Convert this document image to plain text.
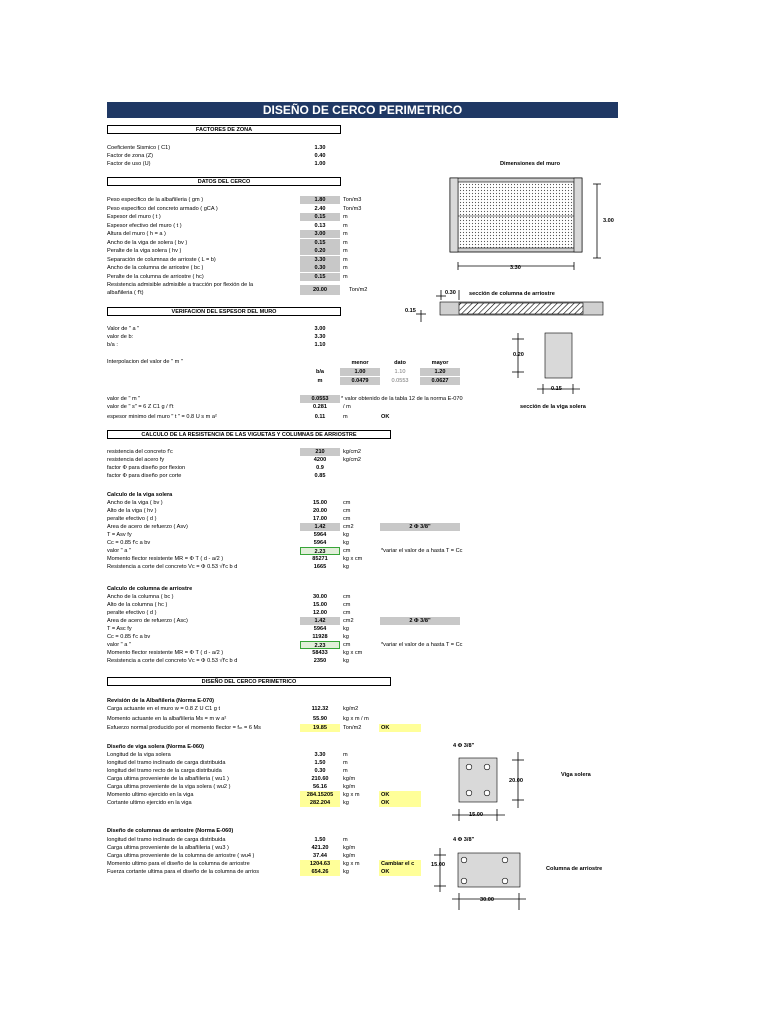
DISEÑO DE CERCO PERIMETRICO
FACTORES DE ZONA
DATOS DEL CERCO
VERIFACION DEL ESPESOR DEL MURO
CALCULO DE LA RESISTENCIA DE LAS VIGUETAS Y COLUMNAS DE ARRIOSTRE
DISEÑO DEL CERCO PERIMETRICO
Coeficiente Sismico ( C1)	1.30
Factor de zona (Z)	0.40
Factor de uso (U)	1.00
Peso especifico de la albañileria ( gm )	1.80	Ton/m3
Peso especifico del concreto armado ( gCA )	2.40	Ton/m3
Espesor del muro ( t )	0.15	m
Espesor efectivo del muro ( t )	0.13	m
Altura del muro ( h = a )	3.00	m
Ancho de la viga de solera ( bv )	0.15	m
Peralte de la viga solera ( hv )	0.20	m
Separación de columnas de arrioste ( L = b)	3.30	m
Ancho de la columna de arriostre ( bc )	0.30	m
Peralte de la columna de arriostre ( hc)	0.15	m
resistencia del concreto f'c	210	kg/cm2
resistencia del acero fy	4200	kg/cm2
factor Φ para diseño por flexion	0.9
factor Φ para diseño por corte	0.85
Ancho de la viga ( bv )	15.00	cm
Alto de la viga ( hv )	20.00	cm
peralte efectivo ( d )	17.00	cm
Area de acero de refuerzo ( Asv)	1.42	cm2
T = Asv fy	5964	kg
Cc = 0.85 f'c a bv	5964	kg
valor " a "	2.23	cm
Momento flector resistente MR = Φ T ( d - a/2 )	85271	kg x cm
Resistencia a corte del concreto Vc = Φ 0.53 √f'c b d	1665	kg
Ancho de la columna ( bc )	30.00	cm
Alto de la columna ( hc )	15.00	cm
peralte efectivo ( d )	12.00	cm
Area de acero de refuerzo ( Asc)	1.42	cm2
T = Asc fy	5964	kg
Cc = 0.85 f'c a bv	11928	kg
valor " a "	2.23	cm
Momento flector resistente MR = Φ T ( d - a/2 )	58433	kg x cm
Resistencia a corte del concreto Vc = Φ 0.53 √f'c b d	2350	kg
Carga actuante en el muro w = 0.8 Z U C1 g t	112.32	kg/m2
Momento actuante en la albañileria Ms = m w a²	55.90	kg x m / m
Esfuerzo normal producido por el momento flector = fₘ = 6 Ms	19.85	Ton/m2	OK
Longitud de la viga solera	3.30	m
longitud del tramo inclinado de carga distribuida	1.50	m
longitud del tramo recto de la carga distribuida	0.30	m
Carga ultima proveniente de la albañileria ( wu1 )	210.60	kg/m
Carga ultima proveniente de la viga solera ( wu2 )	56.16	kg/m
Momento ultimo ejercido en la viga	284.15205	kg x m	OK
Cortante ultimo ejercido en la viga	282.204	kg	OK
longitud del tramo inclinado de carga distribuida	1.50	m
Carga ultima proveniente de la albañileria ( wu3 )	421.20	kg/m
Carga ultima proveniente de la columna de arriostre ( wu4 )	37.44	kg/m
Momento ultimo para el diseño de la columna de arriostre	1204.63	kg x m	Cambiar el c
Fuerza cortante ultima para el diseño de la columna de arrios	654.26	kg	OK
Valor de " a "	3.00
valor de b:	3.30
b/a :	1.10
Interpolacion del valor de " m "	menor	dato	mayor
b/a	1.00	1.10	1.20
m	0.0479	0.0553	0.0627
valor de " m "	0.0553	* valor obtenido de la tabla 12 de la norma E-070
valor de " s" = 6 Z C1 g / f't	0.281	/ m
espesor minimo del muro " t " = 0.8 U s m a²	0.11	m	OK
Resistencia admisible admisible a tracción por flexión de la
albañileria ( f't)	20.00	Ton/m2
Calculo de la viga solera
Calculo de columna de arriostre
2 Φ 3/8"
*variar el valor de a hasta T = Cc
2 Φ 3/8"
*variar el valor de a hasta T = Cc
Revisión de la Albañileria (Norma E-070)
Diseño de viga solera (Norma E-060)
Diseño de columnas de arriostre (Norma E-060)
Dimensiones del muro
3.00
3.30
0.30 sección de columna de arriostre
0.15
0.20
0.15
sección de la viga solera
4 Φ 3/8"
20.00
15.00
Viga solera
4 Φ 3/8"
15.00
30.00
Columna de arriostre
